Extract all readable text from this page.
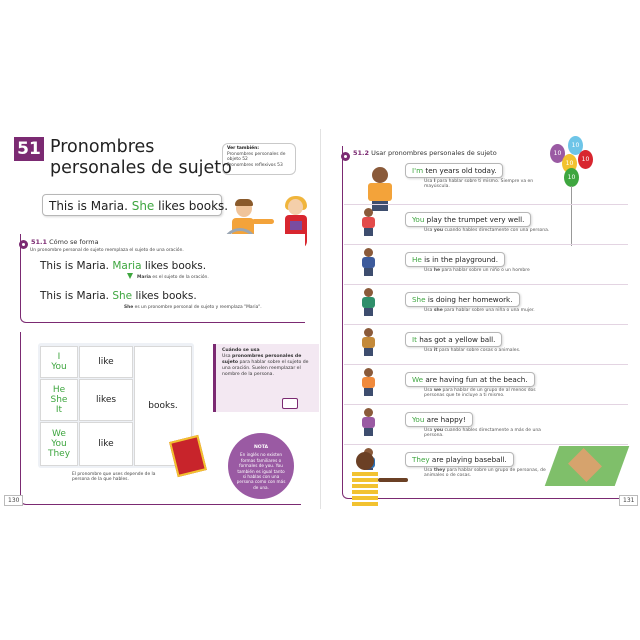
51 Pronombres
personales de sujeto
Ver también:
Pronombres personales de
objeto 52
Pronombres reflexivos 53
This is Maria. She likes books.
51.1 Cómo se forma
Un pronombre personal de sujeto reemplaza el sujeto de una oración.
This is Maria. Maria likes books.
Maria es el sujeto de la oración.
This is Maria. She likes books.
She es un pronombre personal de sujeto y reemplaza "Maria".
I
You
He
She
It
We
You
They
like
likes
like
books.
El pronombre que uses depende de la persona de la que hables.
Cuándo se usa
Usa pronombres personales de sujeto para hablar sobre el sujeto de una oración. Suelen reemplazar el nombre de la persona.
NOTA
En inglés no existen formas familiares o formales de you. You también es igual tanto si hablas con una persona como con más de una.
130
51.2 Usar pronombres personales de sujeto	10
10
10
10
10
I'm ten years old today.
Usa I para hablar sobre ti mismo. Siempre va en mayúscula.
You play the trumpet very well.
Usa you cuando hables directamente con una persona.
He is in the playground.
Usa he para hablar sobre un niño o un hombre
She is doing her homework.
Usa she para hablar sobre una niña o una mujer.
It has got a yellow ball.
Usa it para hablar sobre cosas o animales.
We are having fun at the beach.
Usa we para hablar de un grupo de al menos dos personas que te incluye a ti mismo.
You are happy!
Usa you cuando hables directamente a más de una persona.
They are playing baseball.
Usa they para hablar sobre un grupo de personas, de animales o de cosas.
131
